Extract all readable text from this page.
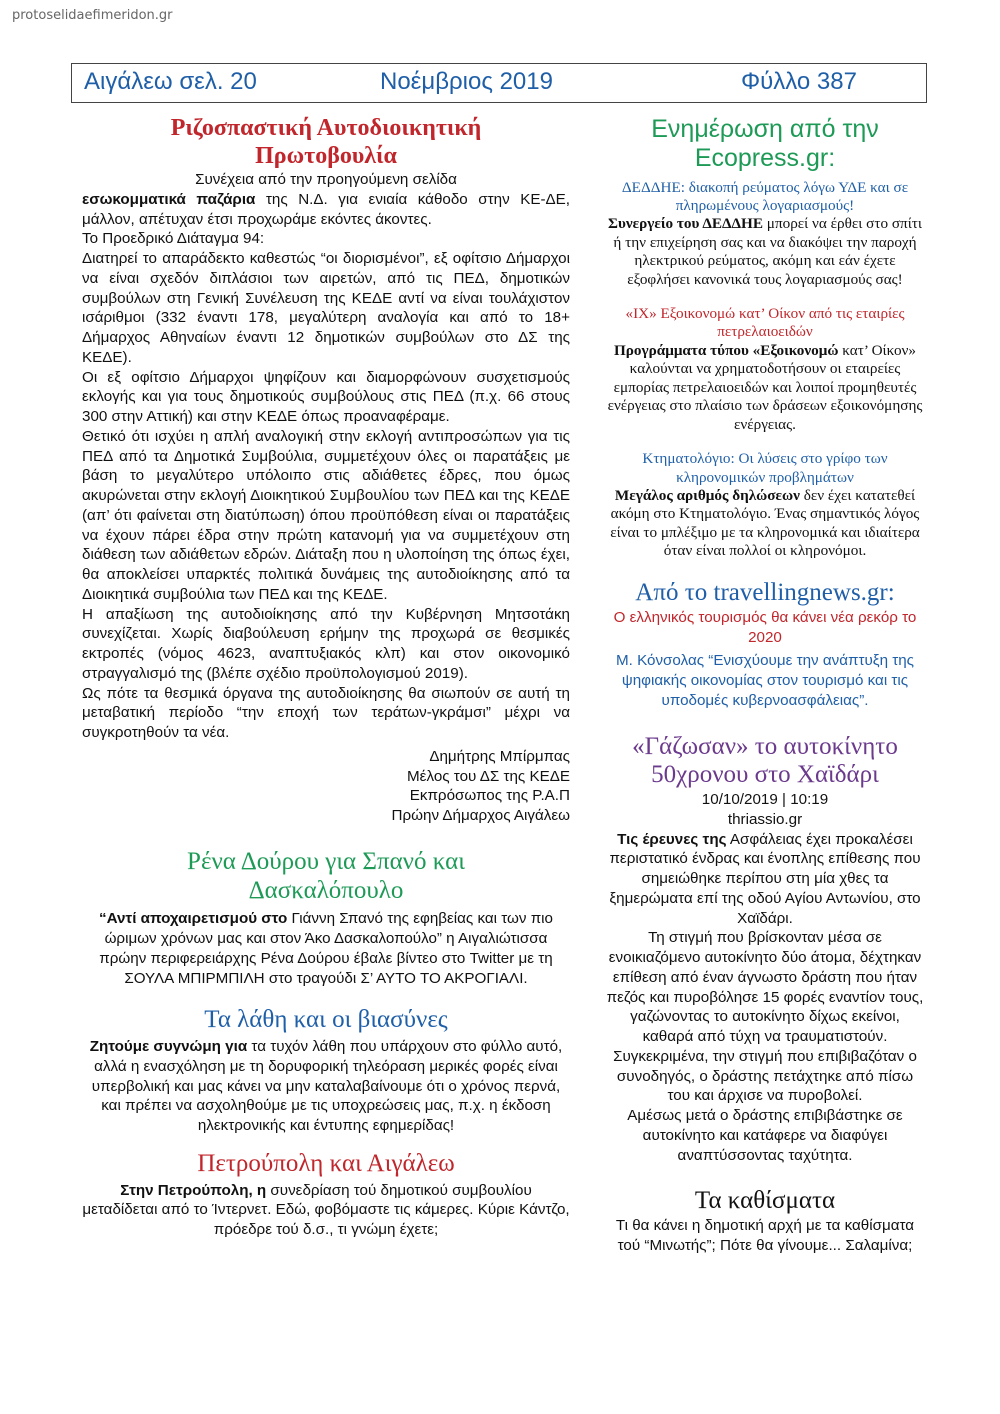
protoselidaefimeridon.gr
Αιγάλεω σελ. 20	Νοέμβριος 2019	Φύλλο 387
Ριζοσπαστική Αυτοδιοικητική
Πρωτοβουλία

Συνέχεια από την προηγούμενη σελίδα

εσωκομματικά παζάρια της Ν.Δ. για ενιαία κάθοδο στην ΚΕ-ΔΕ, μάλλον, απέτυχαν έτσι προχωράμε εκόντες άκοντες.

Το Προεδρικό Διάταγμα 94:

Διατηρεί το απαράδεκτο καθεστώς “οι διορισμένοι”, εξ οφίτσιο Δήμαρχοι να είναι σχεδόν διπλάσιοι των αιρετών, από τις ΠΕΔ, δημοτικών συμβούλων στη Γενική Συνέλευση της ΚΕΔΕ αντί να είναι τουλάχιστον ισάριθμοι (332 έναντι 178, μεγαλύτερη αναλογία και από το 18+ Δήμαρχος Αθηναίων έναντι 12 δημοτικών συμβούλων στο ΔΣ της ΚΕΔΕ).

Οι εξ οφίτσιο Δήμαρχοι ψηφίζουν και διαμορφώνουν συσχετισμούς εκλογής και για τους δημοτικούς συμβούλους στις ΠΕΔ (π.χ. 66 στους 300 στην Αττική) και στην ΚΕΔΕ όπως προαναφέραμε.

Θετικό ότι ισχύει η απλή αναλογική στην εκλογή αντιπροσώπων για τις ΠΕΔ από τα Δημοτικά Συμβούλια, συμμετέχουν όλες οι παρατάξεις με βάση το μεγαλύτερο υπόλοιπο στις αδιάθετες έδρες, που όμως ακυρώνεται στην εκλογή Διοικητικού Συμβουλίου των ΠΕΔ και της ΚΕΔΕ (απ’ ότι φαίνεται στη διατύπωση) όπου προϋπόθεση είναι οι παρατάξεις να έχουν πάρει έδρα στην πρώτη κατανομή για να συμμετέχουν στη διάθεση των αδιάθετων εδρών. Διάταξη που η υλοποίηση της όπως έχει, θα αποκλείσει υπαρκτές πολιτικά δυνάμεις της αυτοδιοίκησης από τα Διοικητικά συμβούλια των ΠΕΔ και της ΚΕΔΕ.

Η απαξίωση της αυτοδιοίκησης από την Κυβέρνηση Μητσοτάκη συνεχίζεται. Χωρίς διαβούλευση ερήμην της προχωρά σε θεσμικές εκτροπές (νόμος 4623, αναπτυξιακός κλπ) και στον οικονομικό στραγγαλισμό της (βλέπε σχέδιο προϋπολογισμού 2019).

Ως πότε τα θεσμικά όργανα της αυτοδιοίκησης θα σιωπούν σε αυτή τη μεταβατική περίοδο “την εποχή των τεράτων-γκράμσι” μέχρι να συγκροτηθούν τα νέα.

Δημήτρης Μπίρμπας

Μέλος του ΔΣ της ΚΕΔΕ

Εκπρόσωπος της Ρ.Α.Π

Πρώην Δήμαρχος Αιγάλεω

Ρένα Δούρου για Σπανό και
Δασκαλόπουλο

“Αντί αποχαιρετισμού στο Γιάννη Σπανό της εφηβείας και των πιο ώριμων χρόνων μας και στον Άκο Δασκαλοπούλο” η Αιγαλιώτισσα πρώην περιφερειάρχης Ρένα Δούρου έβαλε βίντεο στο Twitter με τη ΣΟΥΛΑ ΜΠΙΡΜΠΙΛΗ στο τραγούδι Σ’ ΑΥΤΟ ΤΟ ΑΚΡΟΓΙΑΛΙ.

Τα λάθη και οι βιασύνες

Ζητούμε συγνώμη για τα τυχόν λάθη που υπάρχουν στο φύλλο αυτό, αλλά η ενασχόληση με τη δορυφορική τηλεόραση μερικές φορές είναι υπερβολική και μας κάνει να μην καταλαβαίνουμε ότι ο χρόνος περνά, και πρέπει να ασχοληθούμε με τις υποχρεώσεις μας, π.χ. η έκδοση ηλεκτρονικής και έντυπης εφημερίδας!

Πετρούπολη και Αιγάλεω

Στην Πετρούπολη, η συνεδρίαση τού δημοτικού συμβουλίου μεταδίδεται από το Ίντερνετ. Εδώ, φοβόμαστε τις κάμερες. Κύριε Κάντζο, πρόεδρε τού δ.σ., τι γνώμη έχετε;

Ενημέρωση από την
Ecopress.gr:

ΔΕΔΔΗΕ: διακοπή ρεύματος λόγω ΥΔΕ και σε πληρωμένους λογαριασμούς!

Συνεργείο του ΔΕΔΔΗΕ μπορεί να έρθει στο σπίτι ή την επιχείρηση σας και να διακόψει την παροχή ηλεκτρικού ρεύματος, ακόμη και εάν έχετε εξοφλήσει κανονικά τους λογαριασμούς σας!

«ΙΧ» Εξοικονομώ κατ’ Οίκον από τις εταιρίες πετρελαιοειδών

Προγράμματα τύπου «Εξοικονομώ κατ’ Οίκον» καλούνται να χρηματοδοτήσουν οι εταιρείες εμπορίας πετρελαιοειδών και λοιποί προμηθευτές ενέργειας στο πλαίσιο των δράσεων εξοικονόμησης ενέργειας.

Κτηματολόγιο: Οι λύσεις στο γρίφο των κληρονομικών προβλημάτων

Μεγάλος αριθμός δηλώσεων δεν έχει κατατεθεί ακόμη στο Κτηματολόγιο. Ένας σημαντικός λόγος είναι το μπλέξιμο με τα κληρονομικά και ιδιαίτερα όταν είναι πολλοί οι κληρονόμοι.

Από το travellingnews.gr:

Ο ελληνικός τουρισμός θα κάνει νέα ρεκόρ το 2020

Μ. Κόνσολας “Ενισχύουμε την ανάπτυξη της ψηφιακής οικονομίας στον τουρισμό και τις υποδομές κυβερνοασφάλειας”.

«Γάζωσαν» το αυτοκίνητο
50χρονου στο Χαϊδάρι

10/10/2019 | 10:19

thriassio.gr

Τις έρευνες της Ασφάλειας έχει προκαλέσει περιστατικό ένδρας και ένοπλης επίθεσης που σημειώθηκε περίπου στη μία χθες τα ξημερώματα επί της οδού Αγίου Αντωνίου, στο Χαϊδάρι.

Τη στιγμή που βρίσκονταν μέσα σε ενοικιαζόμενο αυτοκίνητο δύο άτομα, δέχτηκαν επίθεση από έναν άγνωστο δράστη που ήταν πεζός και πυροβόλησε 15 φορές εναντίον τους, γαζώνοντας το αυτοκίνητο δίχως εκείνοι, καθαρά από τύχη να τραυματιστούν.

Συγκεκριμένα, την στιγμή που επιβιβαζόταν ο συνοδηγός, ο δράστης πετάχτηκε από πίσω του και άρχισε να πυροβολεί.

Αμέσως μετά ο δράστης επιβιβάστηκε σε αυτοκίνητο και κατάφερε να διαφύγει αναπτύσσοντας ταχύτητα.

Τα καθίσματα

Τι θα κάνει η δημοτική αρχή με τα καθίσματα τού “Μινωτής”; Πότε θα γίνουμε... Σαλαμίνα;
